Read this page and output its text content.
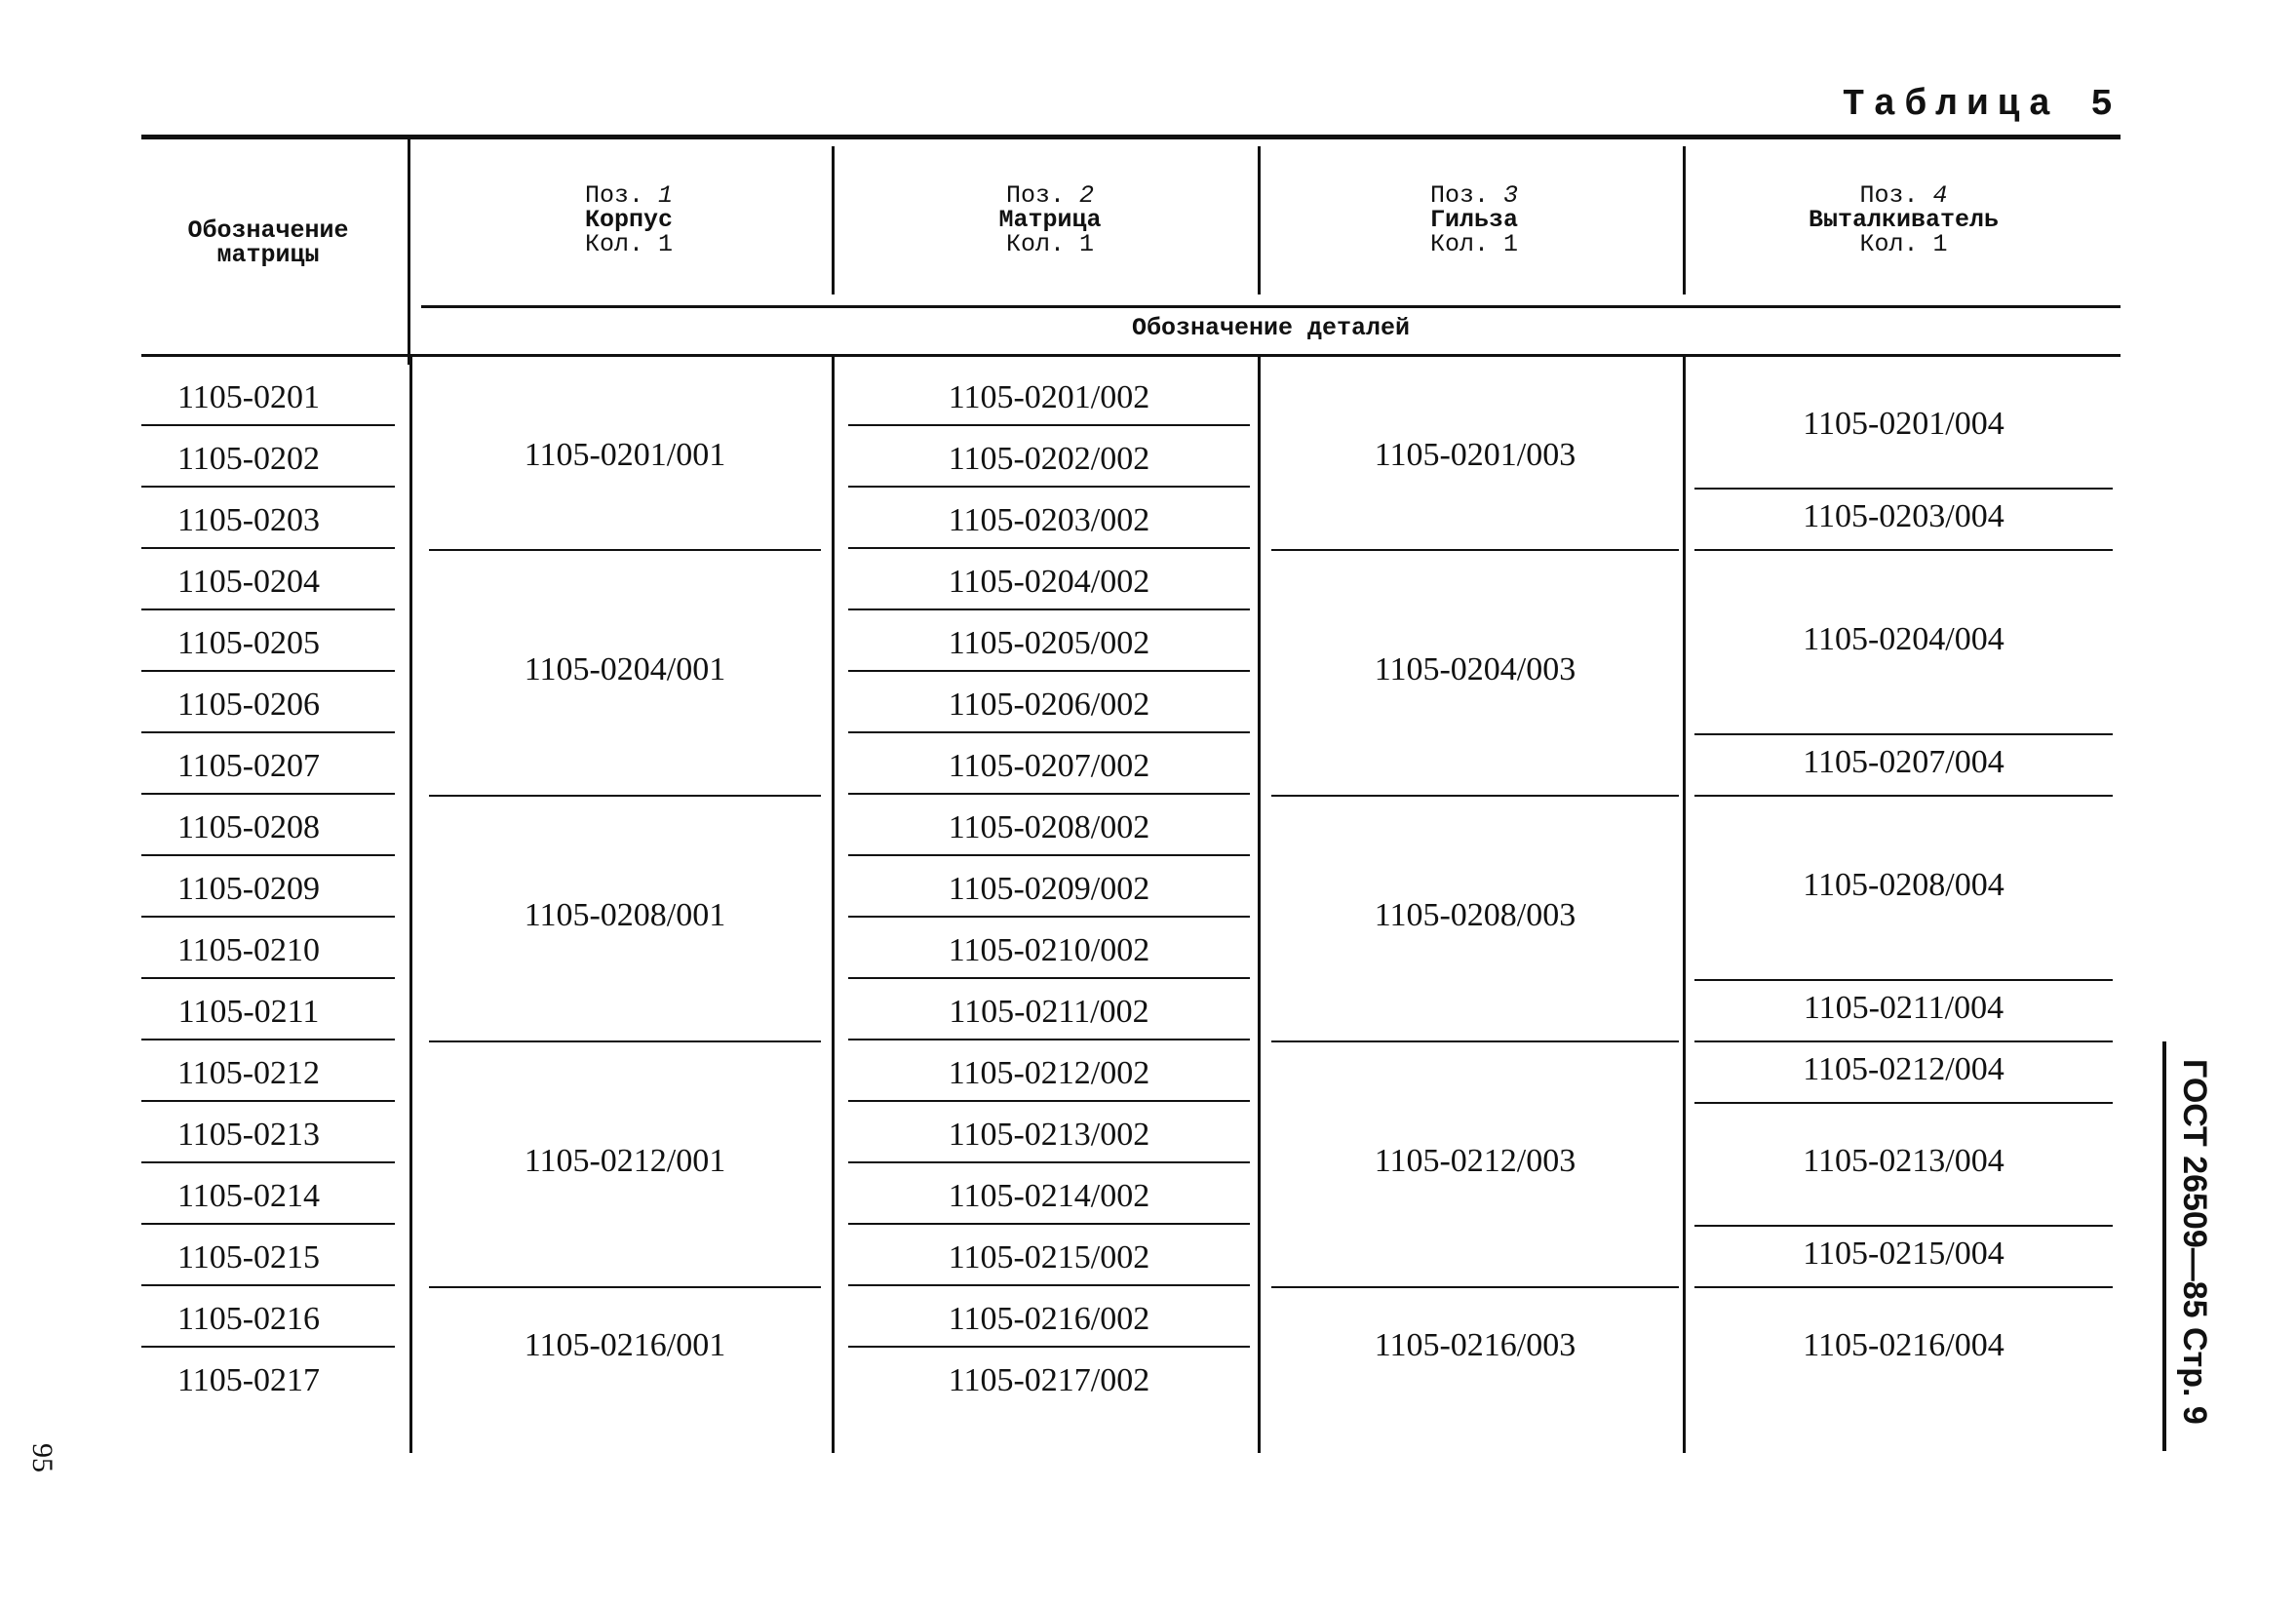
Таблица 5
Обозначение матрицы
Поз. 1
Корпус
Кол. 1
Поз. 2
Матрица
Кол. 1
Поз. 3
Гильза
Кол. 1
Поз. 4
Выталкиватель
Кол. 1
Обозначение деталей
1105-0201
1105-0202
1105-0203
1105-0204
1105-0205
1105-0206
1105-0207
1105-0208
1105-0209
1105-0210
1105-0211
1105-0212
1105-0213
1105-0214
1105-0215
1105-0216
1105-0217
1105-0201/002
1105-0202/002
1105-0203/002
1105-0204/002
1105-0205/002
1105-0206/002
1105-0207/002
1105-0208/002
1105-0209/002
1105-0210/002
1105-0211/002
1105-0212/002
1105-0213/002
1105-0214/002
1105-0215/002
1105-0216/002
1105-0217/002
1105-0201/001
1105-0204/001
1105-0208/001
1105-0212/001
1105-0216/001
1105-0201/003
1105-0204/003
1105-0208/003
1105-0212/003
1105-0216/003
1105-0201/004
1105-0203/004
1105-0204/004
1105-0207/004
1105-0208/004
1105-0211/004
1105-0212/004
1105-0213/004
1105-0215/004
1105-0216/004
95
ГОСТ 26509—85 Стр. 9
